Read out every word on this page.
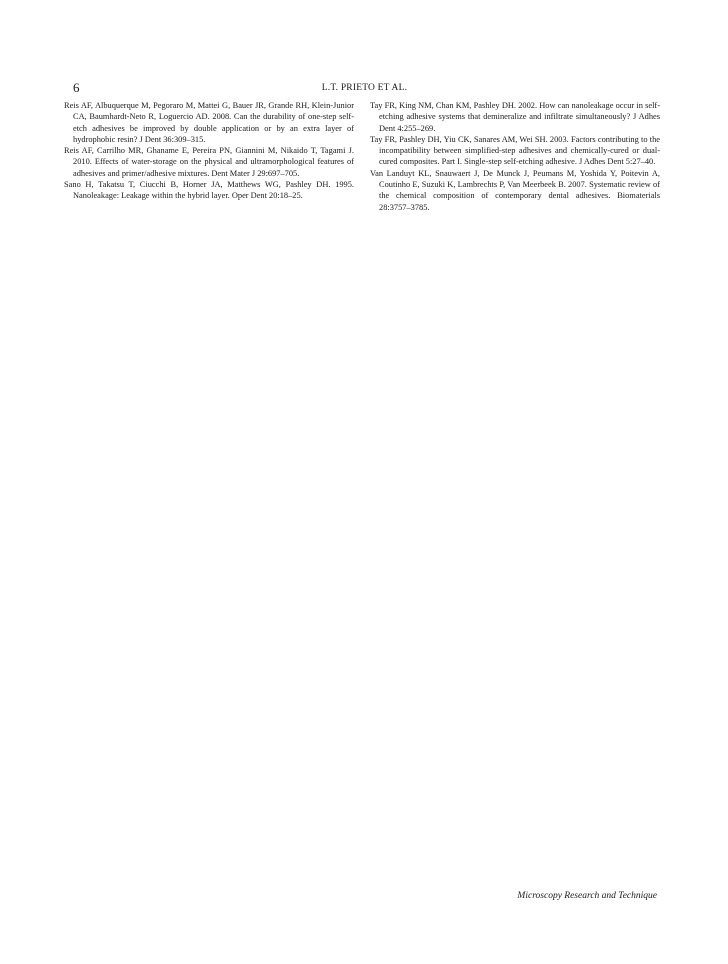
6	L.T. PRIETO ET AL.

Reis AF, Albuquerque M, Pegoraro M, Mattei G, Bauer JR, Grande RH, Klein-Junior CA, Baumhardt-Neto R, Loguercio AD. 2008. Can the durability of one-step self-etch adhesives be improved by double application or by an extra layer of hydrophobic resin? J Dent 36:309–315.

Reis AF, Carrilho MR, Ghaname E, Pereira PN, Giannini M, Nikaido T, Tagami J. 2010. Effects of water-storage on the physical and ultramorphological features of adhesives and primer/adhesive mixtures. Dent Mater J 29:697–705.

Sano H, Takatsu T, Ciucchi B, Horner JA, Matthews WG, Pashley DH. 1995. Nanoleakage: Leakage within the hybrid layer. Oper Dent 20:18–25.

Tay FR, King NM, Chan KM, Pashley DH. 2002. How can nanoleakage occur in self-etching adhesive systems that demineralize and infiltrate simultaneously? J Adhes Dent 4:255–269.

Tay FR, Pashley DH, Yiu CK, Sanares AM, Wei SH. 2003. Factors contributing to the incompatibility between simplified-step adhesives and chemically-cured or dual-cured composites. Part I. Single-step self-etching adhesive. J Adhes Dent 5:27–40.

Van Landuyt KL, Snauwaert J, De Munck J, Peumans M, Yoshida Y, Poitevin A, Coutinho E, Suzuki K, Lambrechts P, Van Meerbeek B. 2007. Systematic review of the chemical composition of contemporary dental adhesives. Biomaterials 28:3757–3785.

Microscopy Research and Technique
